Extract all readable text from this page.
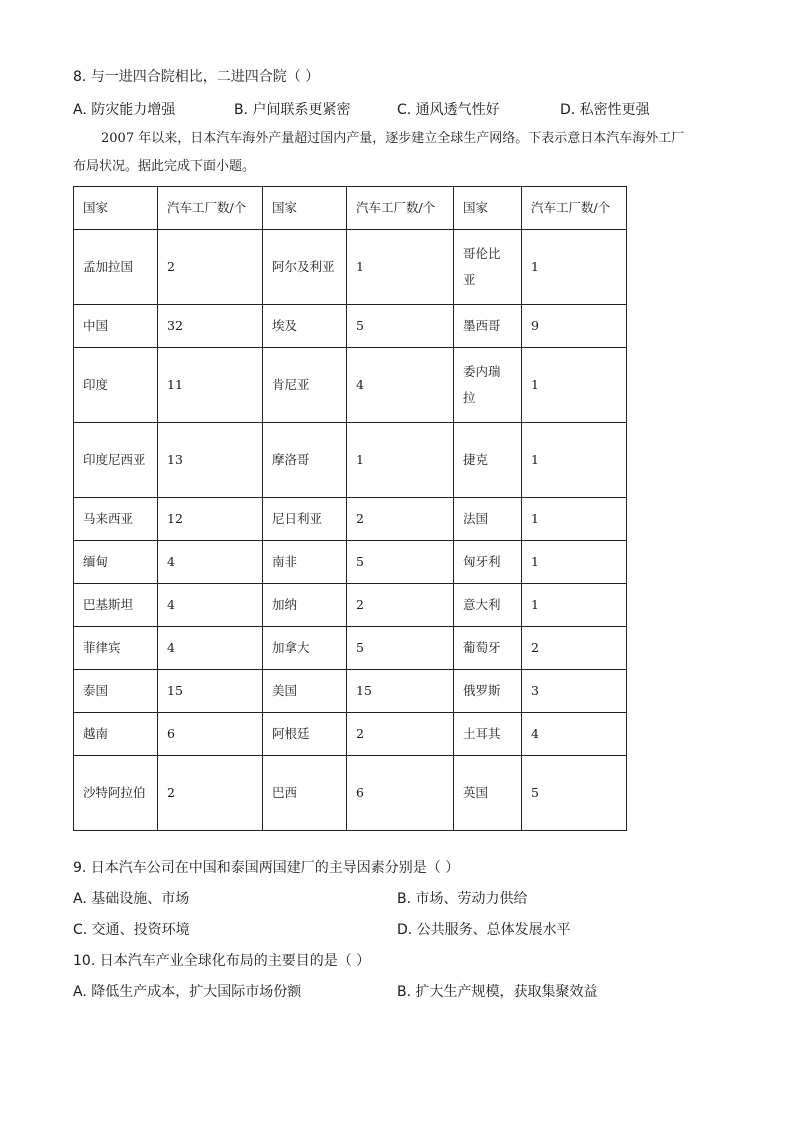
8. 与一进四合院相比，二进四合院（ ）
A. 防灾能力增强	B. 户间联系更紧密	C. 通风透气性好	D. 私密性更强
2007 年以来，日本汽车海外产量超过国内产量，逐步建立全球生产网络。下表示意日本汽车海外工厂
布局状况。据此完成下面小题。
国家	汽车工厂数/个	国家	汽车工厂数/个	国家	汽车工厂数/个
孟加拉国	2	阿尔及利亚	1	哥伦比亚	1
中国	32	埃及	5	墨西哥	9
印度	11	肯尼亚	4	委内瑞拉	1
印度尼西亚	13	摩洛哥	1	捷克	1
马来西亚	12	尼日利亚	2	法国	1
缅甸	4	南非	5	匈牙利	1
巴基斯坦	4	加纳	2	意大利	1
菲律宾	4	加拿大	5	葡萄牙	2
泰国	15	美国	15	俄罗斯	3
越南	6	阿根廷	2	土耳其	4
沙特阿拉伯	2	巴西	6	英国	5
9. 日本汽车公司在中国和泰国两国建厂的主导因素分别是（ ）
A. 基础设施、市场	B. 市场、劳动力供给
C. 交通、投资环境	D. 公共服务、总体发展水平
10. 日本汽车产业全球化布局的主要目的是（ ）
A. 降低生产成本，扩大国际市场份额	B. 扩大生产规模，获取集聚效益
